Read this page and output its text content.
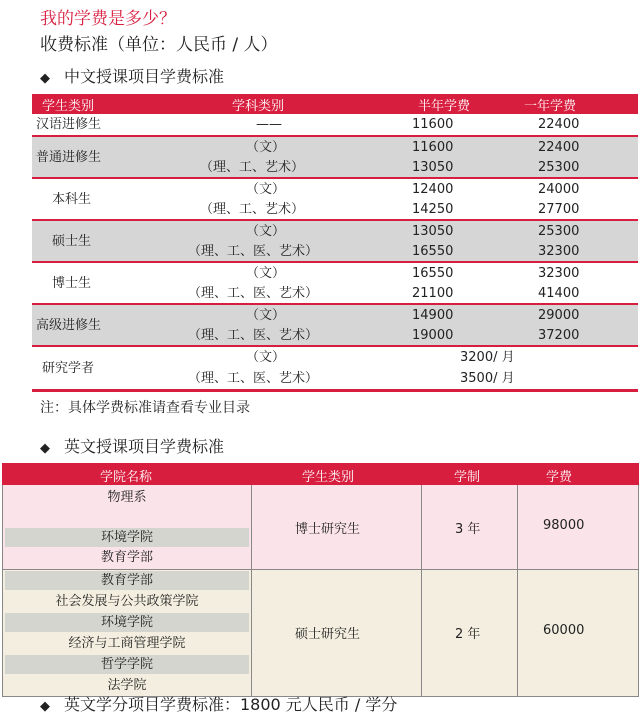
我的学费是多少？
收费标准（单位：人民币 / 人）
◆ 中文授课项目学费标准
学生类别	学科类别	半年学费	一年学费
汉语进修生	——	11600	22400
普通进修生
（文）	11600	22400
（理、工、艺术）	13050	25300
本科生
（文）	12400	24000
（理、工、艺术）	14250	27700
硕士生
（文）	13050	25300
（理、工、医、艺术）	16550	32300
博士生
（文）	16550	32300
（理、工、医、艺术）	21100	41400
高级进修生
（文）	14900	29000
（理、工、医、艺术）	19000	37200
研究学者
（文）	3200/ 月
（理、工、医、艺术）	3500/ 月
注：具体学费标准请查看专业目录
◆ 英文授课项目学费标准
学院名称	学生类别	学制	学费
物理系
环境学院
教育学部
博士研究生	3 年	98000
教育学部
社会发展与公共政策学院
环境学院
经济与工商管理学院
哲学学院
法学院
硕士研究生	2 年	60000
◆ 英文学分项目学费标准：1800 元人民币 / 学分
